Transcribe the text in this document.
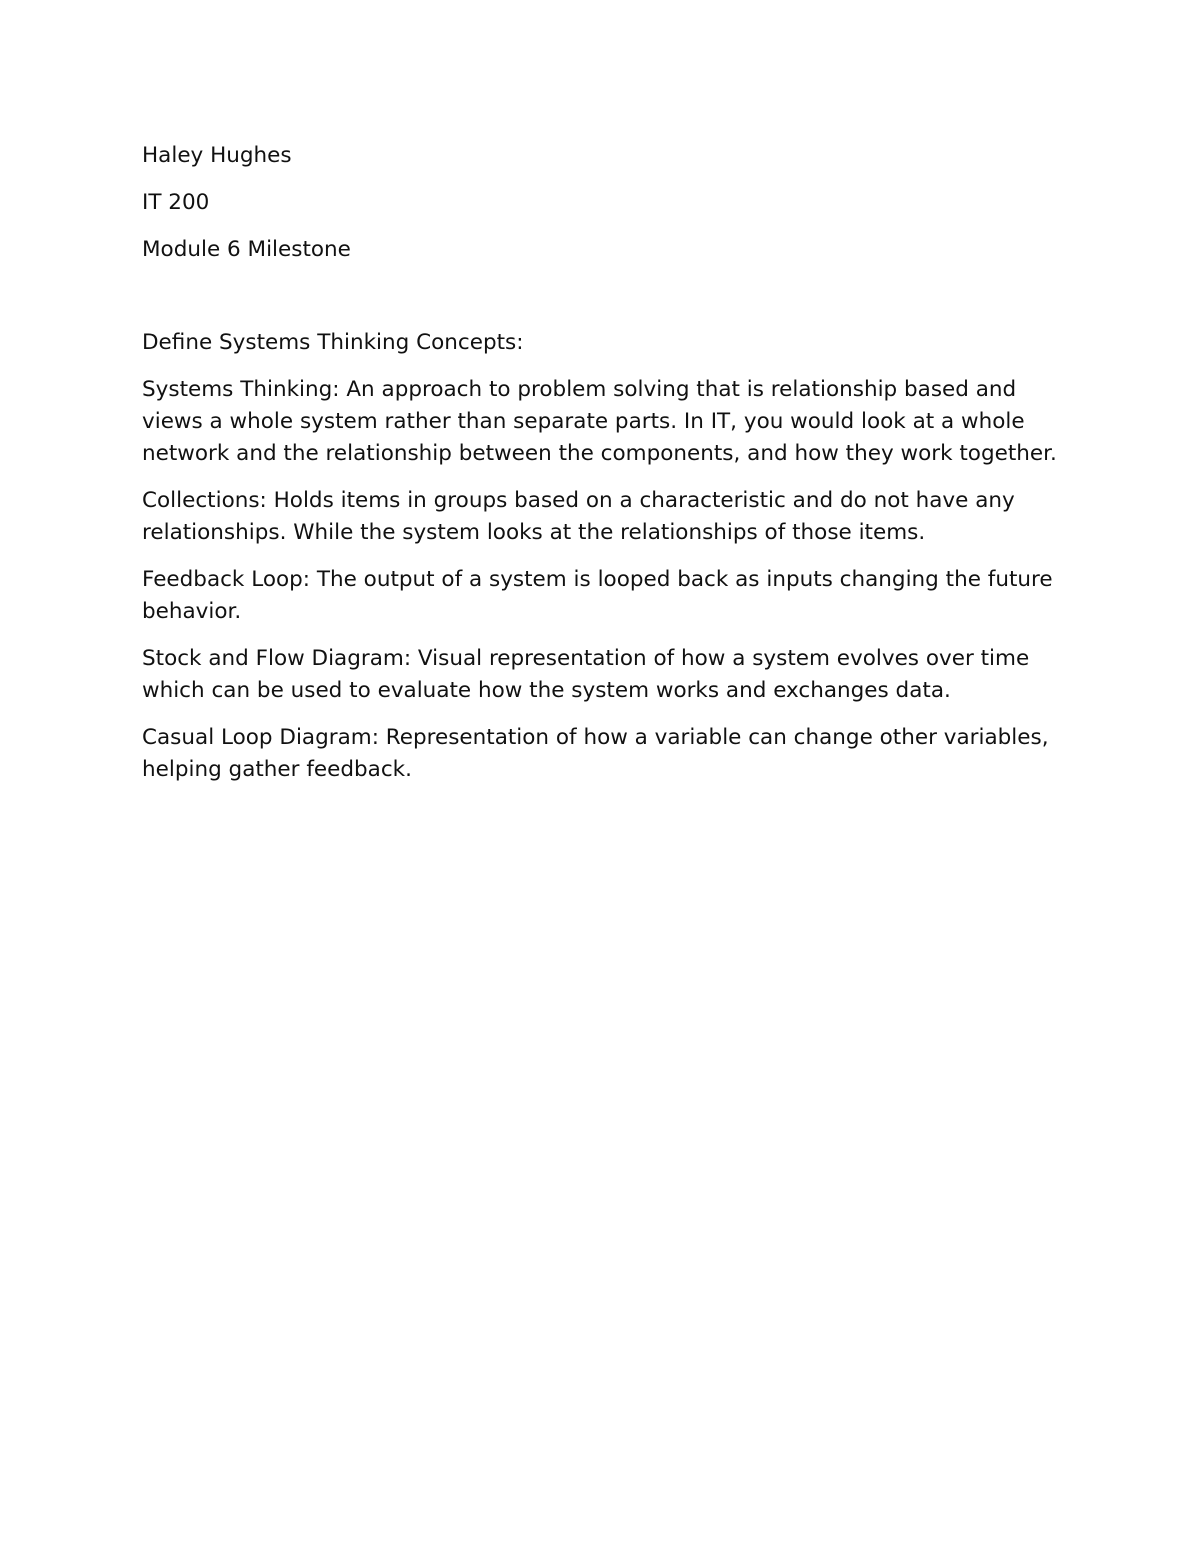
Haley Hughes

IT 200

Module 6 Milestone

Define Systems Thinking Concepts:

Systems Thinking: An approach to problem solving that is relationship based and views a whole system rather than separate parts. In IT, you would look at a whole network and the relationship between the components, and how they work together.

Collections: Holds items in groups based on a characteristic and do not have any relationships. While the system looks at the relationships of those items.

Feedback Loop: The output of a system is looped back as inputs changing the future behavior.

Stock and Flow Diagram: Visual representation of how a system evolves over time which can be used to evaluate how the system works and exchanges data.

Casual Loop Diagram: Representation of how a variable can change other variables, helping gather feedback.
